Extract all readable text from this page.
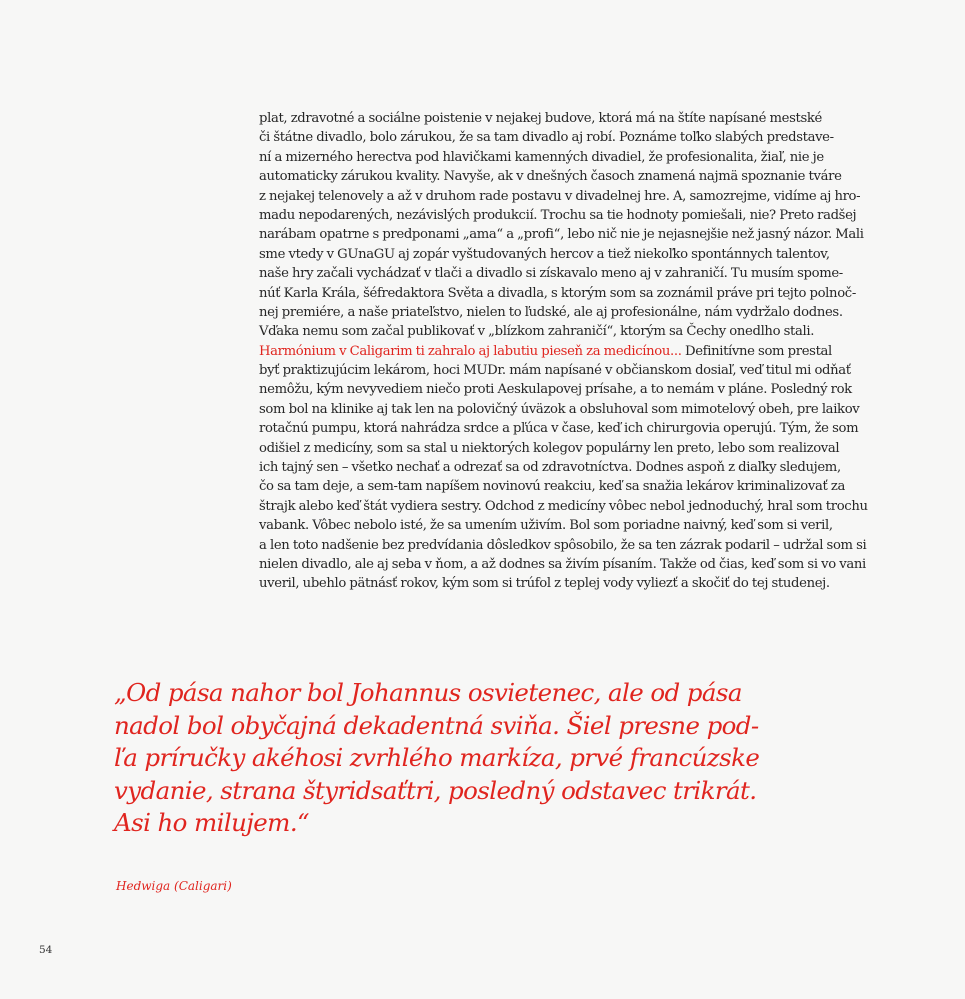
plat, zdravotné a sociálne poistenie v nejakej budove, ktorá má na štíte napísané mestské
či štátne divadlo, bolo zárukou, že sa tam divadlo aj robí. Poznáme toľko slabých predstave-
ní a mizerného herectva pod hlavičkami kamenných divadiel, že profesionalita, žiaľ, nie je
automaticky zárukou kvality. Navyše, ak v dnešných časoch znamená najmä spoznanie tváre
z nejakej telenovely a až v druhom rade postavu v divadelnej hre. A, samozrejme, vidíme aj hro-
madu nepodarených, nezávislých produkcií. Trochu sa tie hodnoty pomiešali, nie? Preto radšej
narábam opatrne s predponami „ama“ a „profi“, lebo nič nie je nejasnejšie než jasný názor. Mali
sme vtedy v GUnaGU aj zopár vyštudovaných hercov a tiež niekoľko spontánnych talentov,
naše hry začali vychádzať v tlači a divadlo si získavalo meno aj v zahraničí. Tu musím spome-
núť Karla Krála, šéfredaktora Světa a divadla, s ktorým som sa zoznámil práve pri tejto polnoč-
nej premiére, a naše priateľstvo, nielen to ľudské, ale aj profesionálne, nám vydržalo dodnes.
Vďaka nemu som začal publikovať v „blízkom zahraničí“, ktorým sa Čechy onedlho stali.
Harmónium v Caligarim ti zahralo aj labutiu pieseň za medicínou... Definitívne som prestal
byť praktizujúcim lekárom, hoci MUDr. mám napísané v občianskom dosiaľ, veď titul mi odňať
nemôžu, kým nevyvediem niečo proti Aeskulapovej prísahe, a to nemám v pláne. Posledný rok
som bol na klinike aj tak len na polovičný úväzok a obsluhoval som mimotelový obeh, pre laikov
rotačnú pumpu, ktorá nahrádza srdce a pľúca v čase, keď ich chirurgovia operujú. Tým, že som
odišiel z medicíny, som sa stal u niektorých kolegov populárny len preto, lebo som realizoval
ich tajný sen – všetko nechať a odrezať sa od zdravotníctva. Dodnes aspoň z diaľky sledujem,
čo sa tam deje, a sem-tam napíšem novinovú reakciu, keď sa snažia lekárov kriminalizovať za
štrajk alebo keď štát vydiera sestry. Odchod z medicíny vôbec nebol jednoduchý, hral som trochu
vabank. Vôbec nebolo isté, že sa umením uživím. Bol som poriadne naivný, keď som si veril,
a len toto nadšenie bez predvídania dôsledkov spôsobilo, že sa ten zázrak podaril – udržal som si
nielen divadlo, ale aj seba v ňom, a až dodnes sa živím písaním. Takže od čias, keď som si vo vani
uveril, ubehlo pätnásť rokov, kým som si trúfol z teplej vody vyliezť a skočiť do tej studenej.
„Od pása nahor bol Johannus osvietenec, ale od pása
nadol bol obyčajná dekadentná sviňa. Šiel presne pod-
ľa príručky akéhosi zvrhlého markíza, prvé francúzske
vydanie, strana štyridsaťtri, posledný odstavec trikrát.
Asi ho milujem.“
Hedwiga (Caligari)
54
